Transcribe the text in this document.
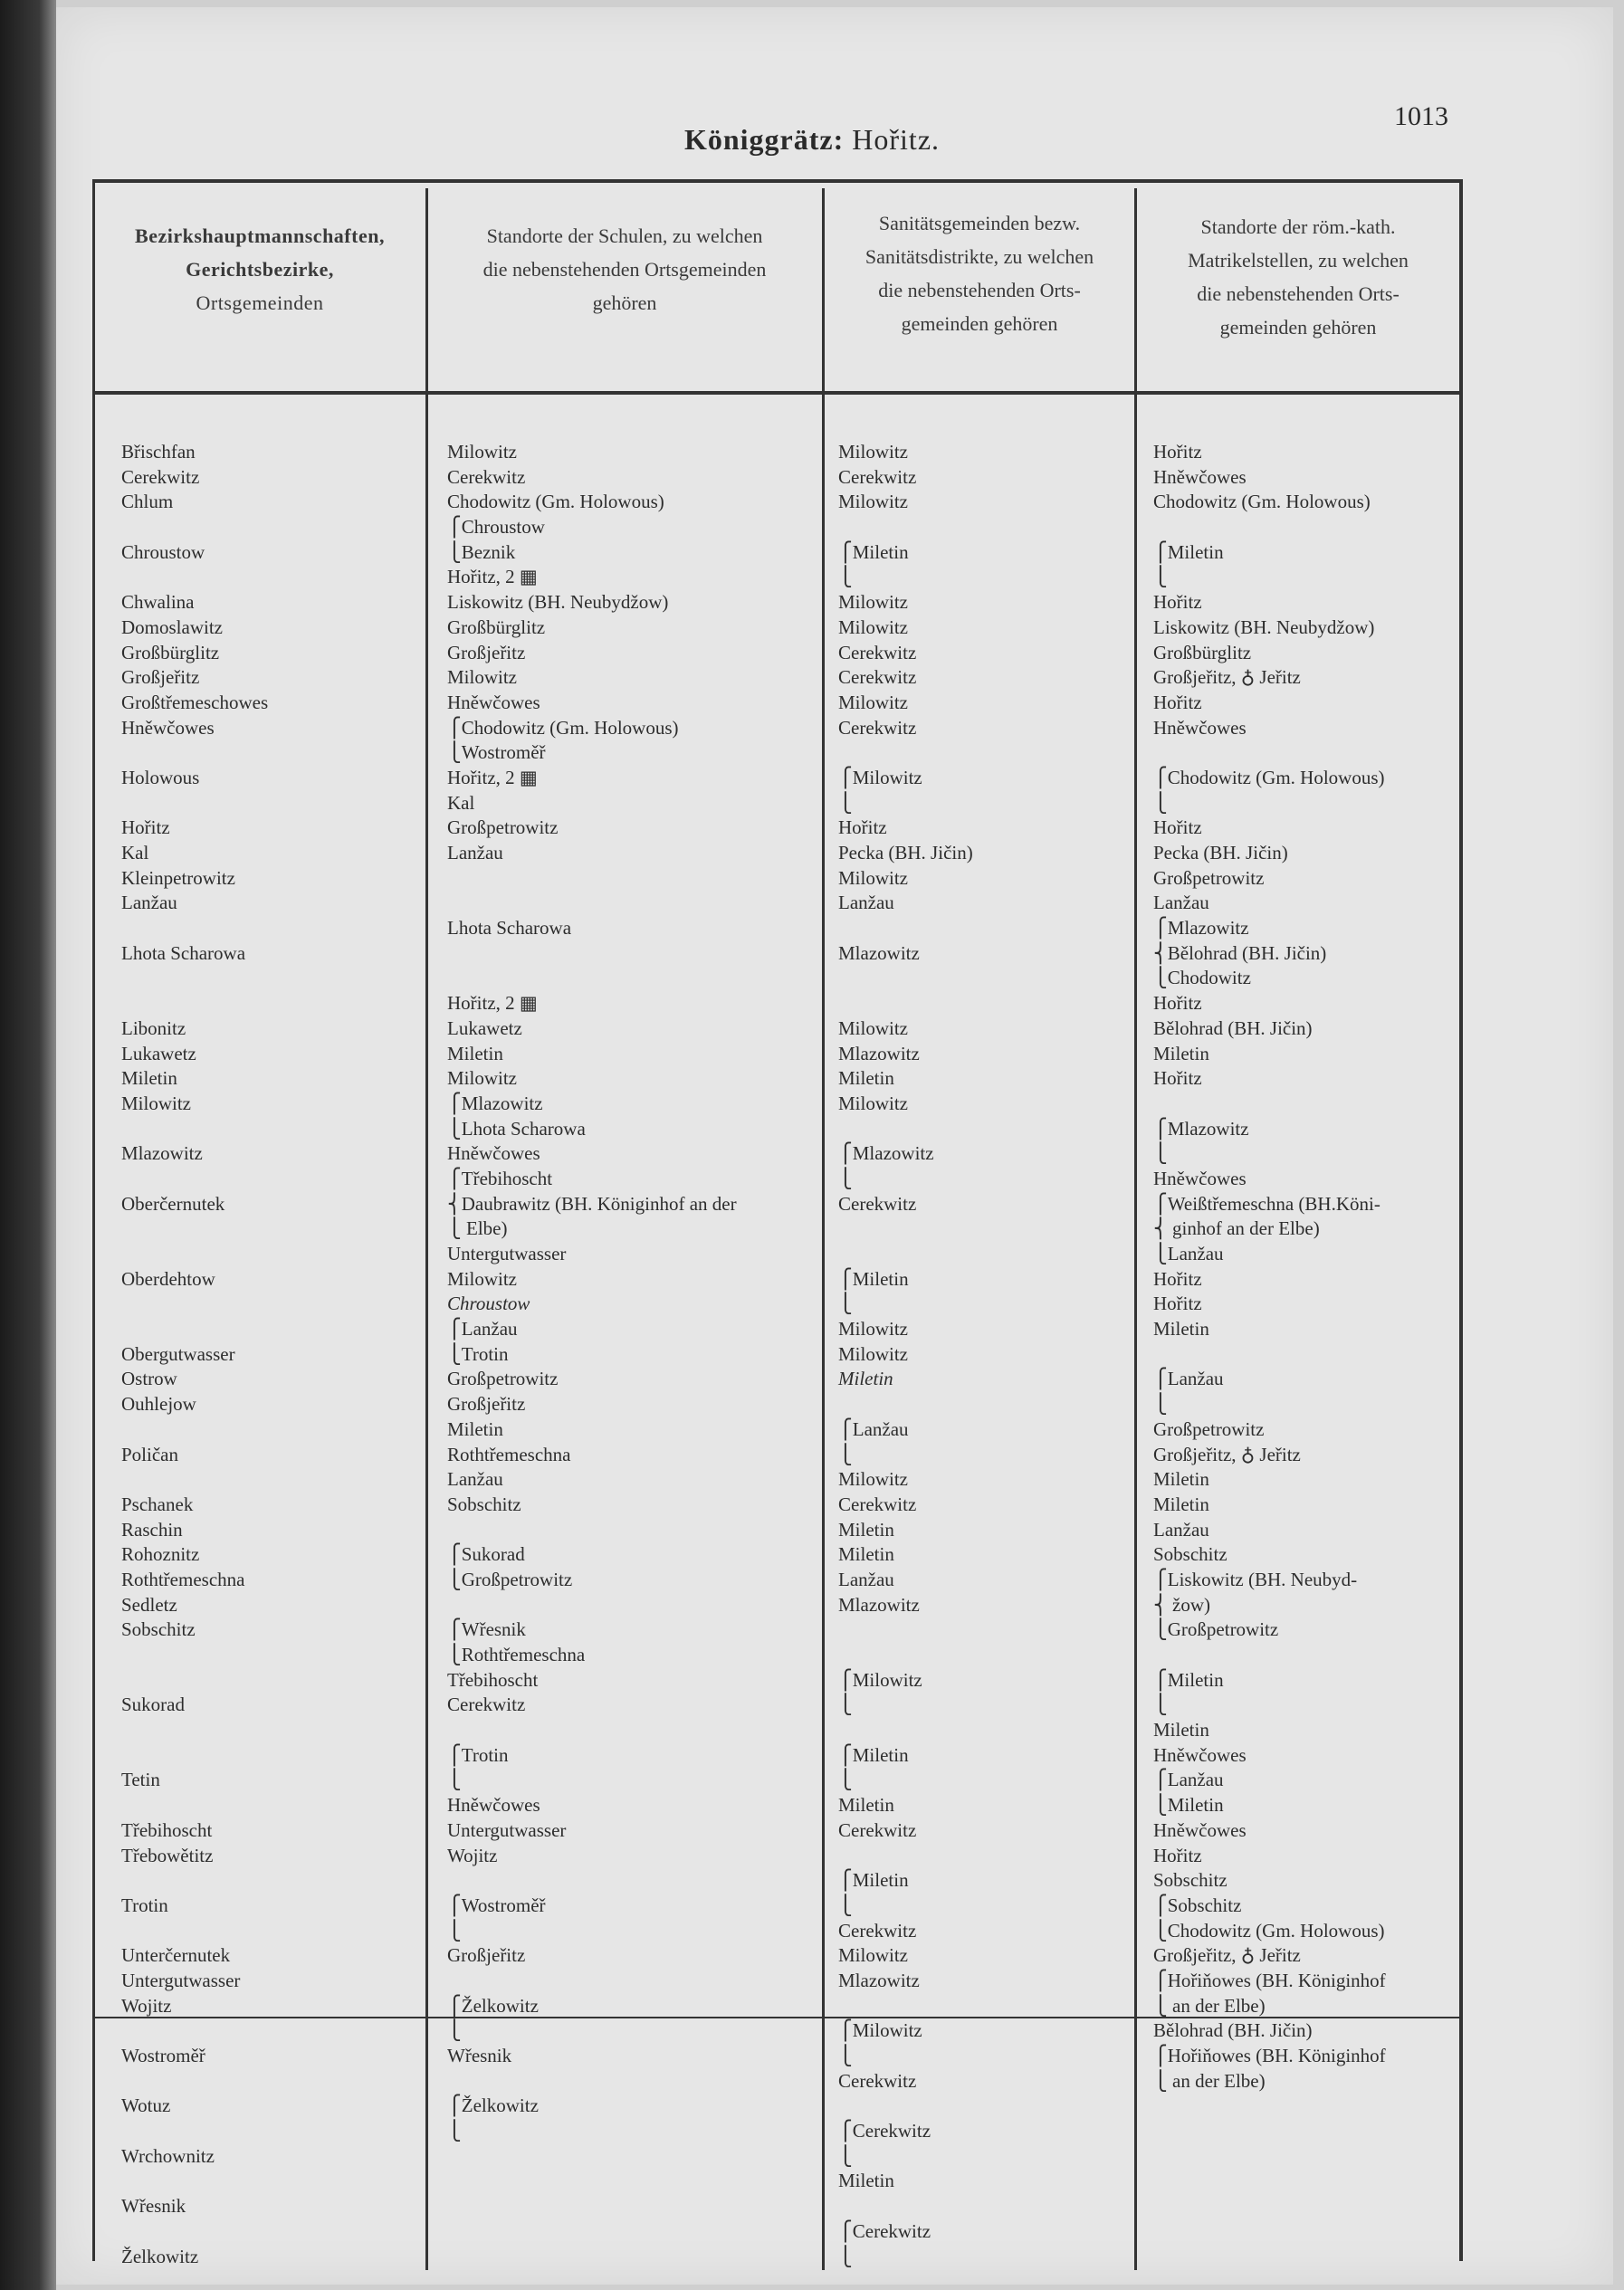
Königgrätz: Hořitz.
1013
Bezirkshauptmannschaften,
Gerichtsbezirke,
Ortsgemeinden
Standorte der Schulen, zu welchen
die nebenstehenden Ortsgemeinden
gehören
Sanitätsgemeinden bezw.
Sanitätsdistrikte, zu welchen
die nebenstehenden Orts-
gemeinden gehören
Standorte der röm.-kath.
Matrikelstellen, zu welchen
die nebenstehenden Orts-
gemeinden gehören
Břischfan
Cerekwitz
Chlum
Chroustow
Chwalina
Domoslawitz
Großbürglitz
Großjeřitz
Großtřemeschowes
Hněwčowes
Holowous
Hořitz
Kal
Kleinpetrowitz
Lanžau
Lhota Scharowa
Libonitz
Lukawetz
Miletin
Milowitz
Mlazowitz
Oberčernutek
Oberdehtow
Obergutwasser
Ostrow
Ouhlejow
Poličan
Pschanek
Raschin
Rohoznitz
Rothtřemeschna
Sedletz
Sobschitz
Sukorad
Tetin
Třebihoscht
Třebowětitz
Trotin
Unterčernutek
Untergutwasser
Wojitz
Wostroměř
Wotuz
Wrchownitz
Wřesnik
Želkowitz
Milowitz
Cerekwitz
Chodowitz (Gm. Holowous)
⎧Chroustow
⎩Beznik
Hořitz, 2 ▦
Liskowitz (BH. Neubydžow)
Großbürglitz
Großjeřitz
Milowitz
Hněwčowes
⎧Chodowitz (Gm. Holowous)
⎩Wostroměř
Hořitz, 2 ▦
Kal
Großpetrowitz
Lanžau
Lhota Scharowa
Hořitz, 2 ▦
Lukawetz
Miletin
Milowitz
⎧Mlazowitz
⎩Lhota Scharowa
Hněwčowes
⎧Třebihoscht
⎨Daubrawitz (BH. Königinhof an der
⎩ Elbe)
Untergutwasser
Milowitz
Chroustow
⎧Lanžau
⎩Trotin
Großpetrowitz
Großjeřitz
Miletin
Rothtřemeschna
Lanžau
Sobschitz
⎧Sukorad
⎩Großpetrowitz
⎧Wřesnik
⎩Rothtřemeschna
Třebihoscht
Cerekwitz
⎧Trotin
⎩
Hněwčowes
Untergutwasser
Wojitz
⎧Wostroměř
⎩
Großjeřitz
⎧Želkowitz
⎩
Wřesnik
⎧Želkowitz
⎩
Milowitz
Cerekwitz
Milowitz
⎧Miletin
⎩
Milowitz
Milowitz
Cerekwitz
Cerekwitz
Milowitz
Cerekwitz
⎧Milowitz
⎩
Hořitz
Pecka (BH. Jičin)
Milowitz
Lanžau
Mlazowitz
Milowitz
Mlazowitz
Miletin
Milowitz
⎧Mlazowitz
⎩
Cerekwitz
⎧Miletin
⎩
Milowitz
Milowitz
Miletin
⎧Lanžau
⎩
Milowitz
Cerekwitz
Miletin
Miletin
Lanžau
Mlazowitz
⎧Milowitz
⎩
⎧Miletin
⎩
Miletin
Cerekwitz
⎧Miletin
⎩
Cerekwitz
Milowitz
Mlazowitz
⎧Milowitz
⎩
Cerekwitz
⎧Cerekwitz
⎩
Miletin
⎧Cerekwitz
⎩
Hořitz
Hněwčowes
Chodowitz (Gm. Holowous)
⎧Miletin
⎩
Hořitz
Liskowitz (BH. Neubydžow)
Großbürglitz
Großjeřitz, ♁ Jeřitz
Hořitz
Hněwčowes
⎧Chodowitz (Gm. Holowous)
⎩
Hořitz
Pecka (BH. Jičin)
Großpetrowitz
Lanžau
⎧Mlazowitz
⎨Bělohrad (BH. Jičin)
⎩Chodowitz
Hořitz
Bělohrad (BH. Jičin)
Miletin
Hořitz
⎧Mlazowitz
⎩
Hněwčowes
⎧Weißtřemeschna (BH.Köni-
⎨ ginhof an der Elbe)
⎩Lanžau
Hořitz
Hořitz
Miletin
⎧Lanžau
⎩
Großpetrowitz
Großjeřitz, ♁ Jeřitz
Miletin
Miletin
Lanžau
Sobschitz
⎧Liskowitz (BH. Neubyd-
⎨ žow)
⎩Großpetrowitz
⎧Miletin
⎩
Miletin
Hněwčowes
⎧Lanžau
⎩Miletin
Hněwčowes
Hořitz
Sobschitz
⎧Sobschitz
⎩Chodowitz (Gm. Holowous)
Großjeřitz, ♁ Jeřitz
⎧Hořiňowes (BH. Königinhof
⎩ an der Elbe)
Bělohrad (BH. Jičin)
⎧Hořiňowes (BH. Königinhof
⎩ an der Elbe)
